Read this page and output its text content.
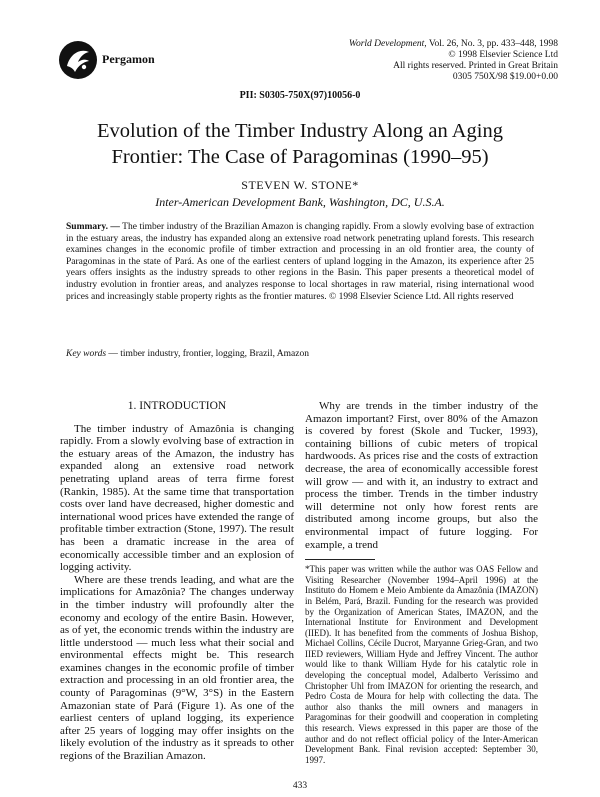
Pergamon
World Development, Vol. 26, No. 3, pp. 433–448, 1998
© 1998 Elsevier Science Ltd
All rights reserved. Printed in Great Britain
0305 750X/98 $19.00+0.00
PII: S0305-750X(97)10056-0
Evolution of the Timber Industry Along an Aging
Frontier: The Case of Paragominas (1990–95)
STEVEN W. STONE*
Inter-American Development Bank, Washington, DC, U.S.A.
Summary. — The timber industry of the Brazilian Amazon is changing rapidly. From a slowly evolving base of extraction in the estuary areas, the industry has expanded along an extensive road network penetrating upland forests. This research examines changes in the economic profile of timber extraction and processing in an old frontier area, the county of Paragominas in the state of Pará. As one of the earliest centers of upland logging in the Amazon, its experience after 25 years offers insights as the industry spreads to other regions in the Basin. This paper presents a theoretical model of industry evolution in frontier areas, and analyzes response to local shortages in raw material, rising international wood prices and increasingly stable property rights as the frontier matures. © 1998 Elsevier Science Ltd. All rights reserved
Key words — timber industry, frontier, logging, Brazil, Amazon
1. INTRODUCTION

The timber industry of Amazônia is changing rapidly. From a slowly evolving base of extraction in the estuary areas of the Amazon, the industry has expanded along an extensive road network penetrating upland areas of terra firme forest (Rankin, 1985). At the same time that transportation costs over land have decreased, higher domestic and international wood prices have extended the range of profitable timber extraction (Stone, 1997). The result has been a dramatic increase in the area of economically accessible timber and an explosion of logging activity.

Where are these trends leading, and what are the implications for Amazônia? The changes underway in the timber industry will profoundly alter the economy and ecology of the entire Basin. However, as of yet, the economic trends within the industry are little understood — much less what their social and environmental effects might be. This research examines changes in the economic profile of timber extraction and processing in an old frontier area, the county of Paragominas (9°W, 3°S) in the Eastern Amazonian state of Pará (Figure 1). As one of the earliest centers of upland logging, its experience after 25 years of logging may offer insights on the likely evolution of the industry as it spreads to other regions of the Brazilian Amazon.

Why are trends in the timber industry of the Amazon important? First, over 80% of the Amazon is covered by forest (Skole and Tucker, 1993), containing billions of cubic meters of tropical hardwoods. As prices rise and the costs of extraction decrease, the area of economically accessible forest will grow — and with it, an industry to extract and process the timber. Trends in the timber industry will determine not only how forest rents are distributed among income groups, but also the environmental impact of future logging. For example, a trend

*This paper was written while the author was OAS Fellow and Visiting Researcher (November 1994–April 1996) at the Instituto do Homem e Meio Ambiente da Amazônia (IMAZON) in Belém, Pará, Brazil. Funding for the research was provided by the Organization of American States, IMAZON, and the International Institute for Environment and Development (IIED). It has benefited from the comments of Joshua Bishop, Michael Collins, Cécile Ducrot, Maryanne Grieg-Gran, and two IIED reviewers, William Hyde and Jeffrey Vincent. The author would like to thank William Hyde for his catalytic role in developing the conceptual model, Adalberto Veríssimo and Christopher Uhl from IMAZON for orienting the research, and Pedro Costa de Moura for help with collecting the data. The author also thanks the mill owners and managers in Paragominas for their goodwill and cooperation in completing this research. Views expressed in this paper are those of the author and do not reflect official policy of the Inter-American Development Bank. Final revision accepted: September 30, 1997.

433
